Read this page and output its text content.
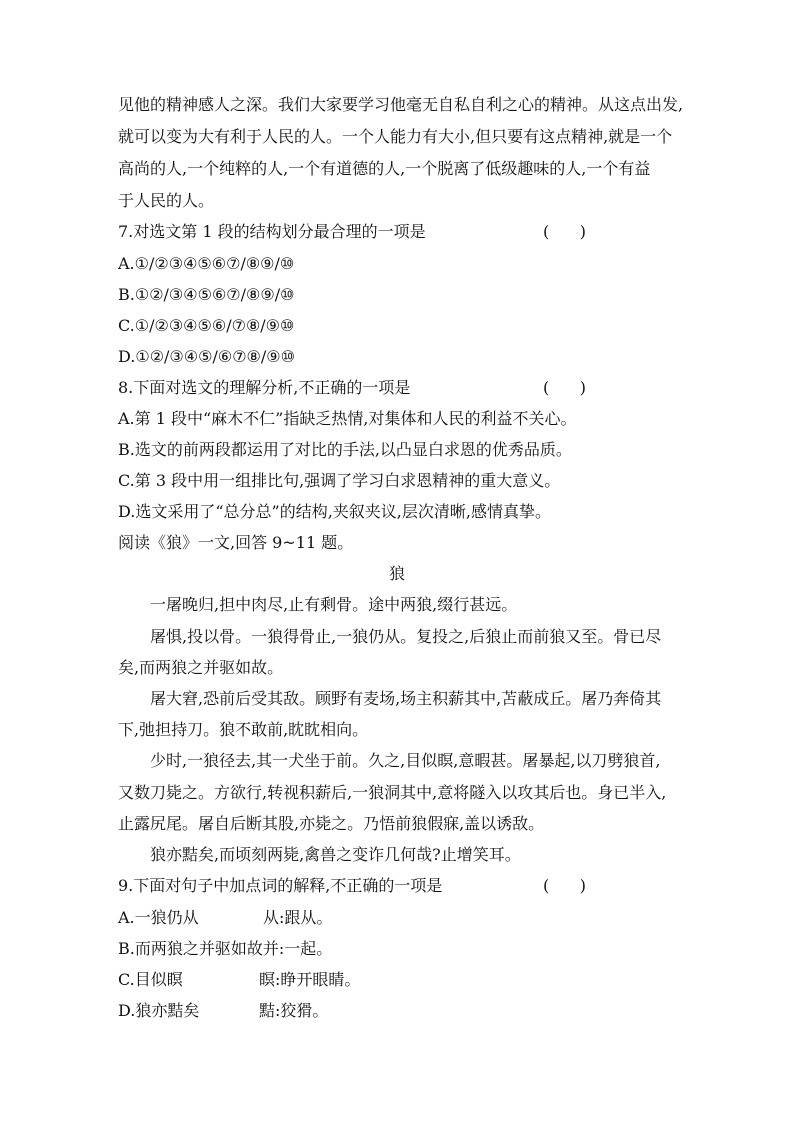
见他的精神感人之深。我们大家要学习他毫无自私自利之心的精神。从这点出发,
就可以变为大有利于人民的人。一个人能力有大小,但只要有这点精神,就是一个
高尚的人,一个纯粹的人,一个有道德的人,一个脱离了低级趣味的人,一个有益
于人民的人。
7.对选文第 1 段的结构划分最合理的一项是	(      )
A.①/②③④⑤⑥⑦/⑧⑨/⑩
B.①②/③④⑤⑥⑦/⑧⑨/⑩
C.①/②③④⑤⑥/⑦⑧/⑨⑩
D.①②/③④⑤/⑥⑦⑧/⑨⑩
8.下面对选文的理解分析,不正确的一项是	(      )
A.第 1 段中“麻木不仁”指缺乏热情,对集体和人民的利益不关心。
B.选文的前两段都运用了对比的手法,以凸显白求恩的优秀品质。
C.第 3 段中用一组排比句,强调了学习白求恩精神的重大意义。
D.选文采用了“总分总”的结构,夹叙夹议,层次清晰,感情真挚。
阅读《狼》一文,回答 9~11 题。
狼
一屠晚归,担中肉尽,止有剩骨。途中两狼,缀行甚远。
屠惧,投以骨。一狼得骨止,一狼仍从。复投之,后狼止而前狼又至。骨已尽
矣,而两狼之并驱如故。
屠大窘,恐前后受其敌。顾野有麦场,场主积薪其中,苫蔽成丘。屠乃奔倚其
下,弛担持刀。狼不敢前,眈眈相向。
少时,一狼径去,其一犬坐于前。久之,目似瞑,意暇甚。屠暴起,以刀劈狼首,
又数刀毙之。方欲行,转视积薪后,一狼洞其中,意将隧入以攻其后也。身已半入,
止露尻尾。屠自后断其股,亦毙之。乃悟前狼假寐,盖以诱敌。
狼亦黠矣,而顷刻两毙,禽兽之变诈几何哉?止增笑耳。
9.下面对句子中加点词的解释,不正确的一项是	(      )
A.一狼仍从	从:跟从。
B.而两狼之并驱如故并:一起。
C.目似瞑	瞑:睁开眼睛。
D.狼亦黠矣	黠:狡猾。
